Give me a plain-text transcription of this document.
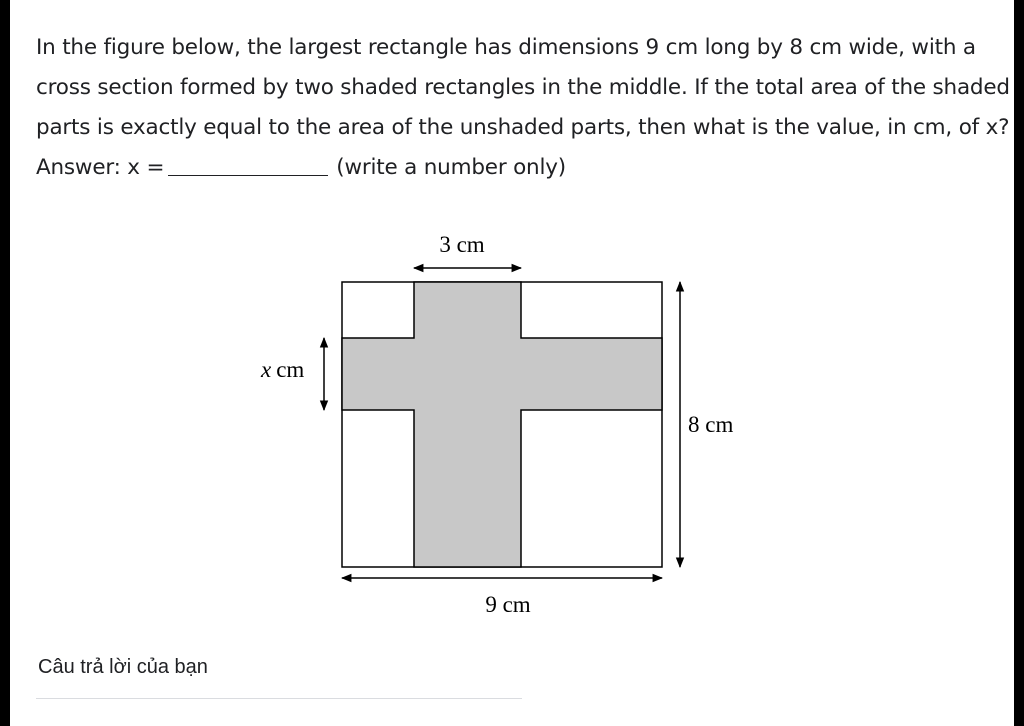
In the figure below, the largest rectangle has dimensions 9 cm long by 8 cm wide, with a cross section formed by two shaded rectangles in the middle. If the total area of the shaded parts is exactly equal to the area of the unshaded parts, then what is the value, in cm, of x? Answer: x =	(write a number only)
3 cm
x cm
8 cm
9 cm
Câu trả lời của bạn
